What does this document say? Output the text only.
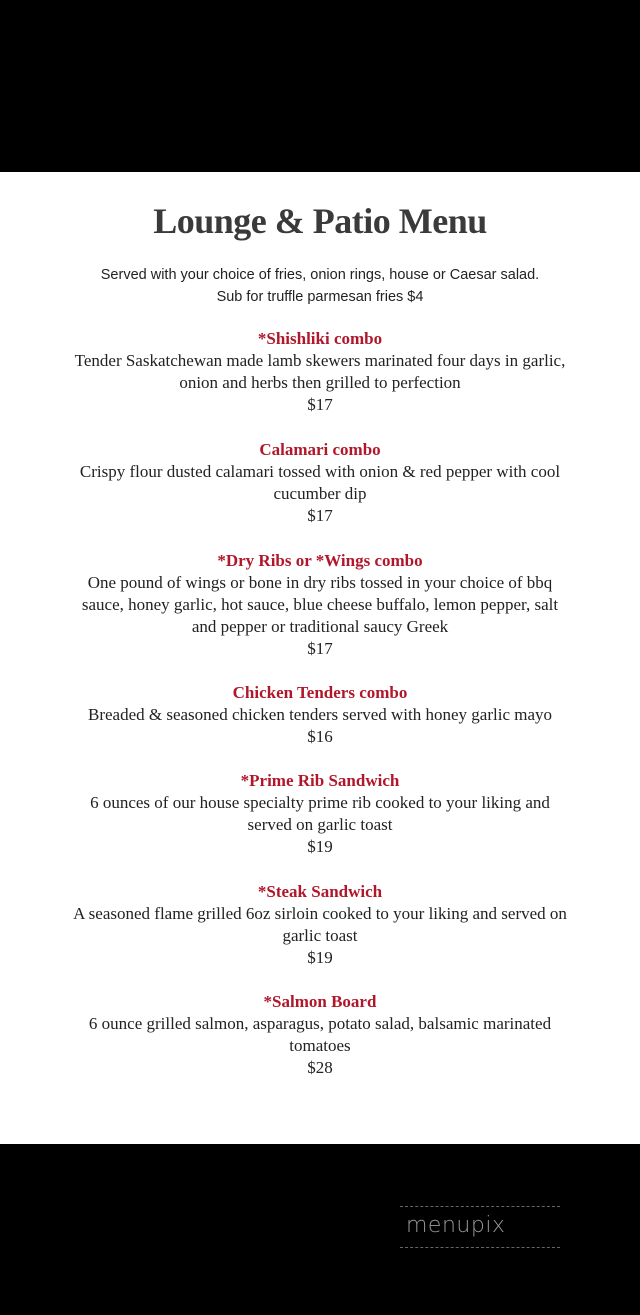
Lounge & Patio Menu
Served with your choice of fries, onion rings, house or Caesar salad.
Sub for truffle parmesan fries $4
*Shishliki combo
Tender Saskatchewan made lamb skewers marinated four days in garlic,
onion and herbs then grilled to perfection
$17
Calamari combo
Crispy flour dusted calamari tossed with onion & red pepper with cool
cucumber dip
$17
*Dry Ribs or *Wings combo
One pound of wings or bone in dry ribs tossed in your choice of bbq
sauce, honey garlic, hot sauce, blue cheese buffalo, lemon pepper, salt
and pepper or traditional saucy Greek
$17
Chicken Tenders combo
Breaded & seasoned chicken tenders served with honey garlic mayo
$16
*Prime Rib Sandwich
6 ounces of our house specialty prime rib cooked to your liking and
served on garlic toast
$19
*Steak Sandwich
A seasoned flame grilled 6oz sirloin cooked to your liking and served on
garlic toast
$19
*Salmon Board
6 ounce grilled salmon, asparagus, potato salad, balsamic marinated
tomatoes
$28
menupix
